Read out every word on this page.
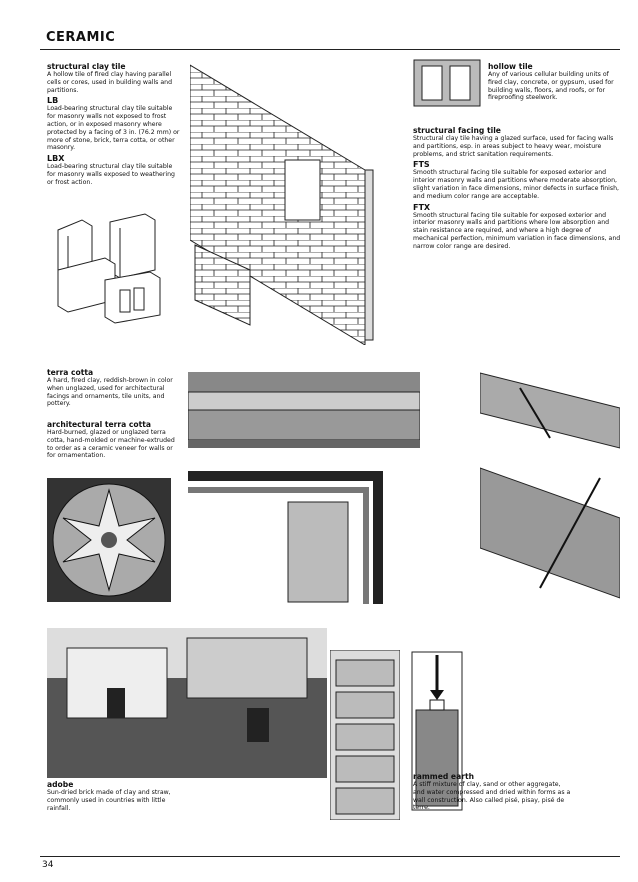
CERAMIC
structural clay tile
A hollow tile of fired clay having parallel cells or cores, used in building walls and partitions.
LB
Load-bearing structural clay tile suitable for masonry walls not exposed to frost action, or in exposed masonry where protected by a facing of 3 in. (76.2 mm) or more of stone, brick, terra cotta, or other masonry.
LBX
Load-bearing structural clay tile suitable for masonry walls exposed to weathering or frost action.
hollow tile
Any of various cellular building units of fired clay, concrete, or gypsum, used for building walls, floors, and roofs, or for fireproofing steelwork.
structural facing tile
Structural clay tile having a glazed surface, used for facing walls and partitions, esp. in areas subject to heavy wear, moisture problems, and strict sanitation requirements.
FTS
Smooth structural facing tile suitable for exposed exterior and interior masonry walls and partitions where moderate absorption, slight variation in face dimensions, minor defects in surface finish, and medium color range are acceptable.
FTX
Smooth structural facing tile suitable for exposed exterior and interior masonry walls and partitions where low absorption and stain resistance are required, and where a high degree of mechanical perfection, minimum variation in face dimensions, and narrow color range are desired.
terra cotta
A hard, fired clay, reddish-brown in color when unglazed, used for architectural facings and ornaments, tile units, and pottery.
architectural terra cotta
Hard-burned, glazed or unglazed terra cotta, hand-molded or machine-extruded to order as a ceramic veneer for walls or for ornamentation.
adobe
Sun-dried brick made of clay and straw, commonly used in countries with little rainfall.
rammed earth
A stiff mixture of clay, sand or other aggregate, and water compressed and dried within forms as a wall construction. Also called pisé, pisay, pisé de terre.
34
